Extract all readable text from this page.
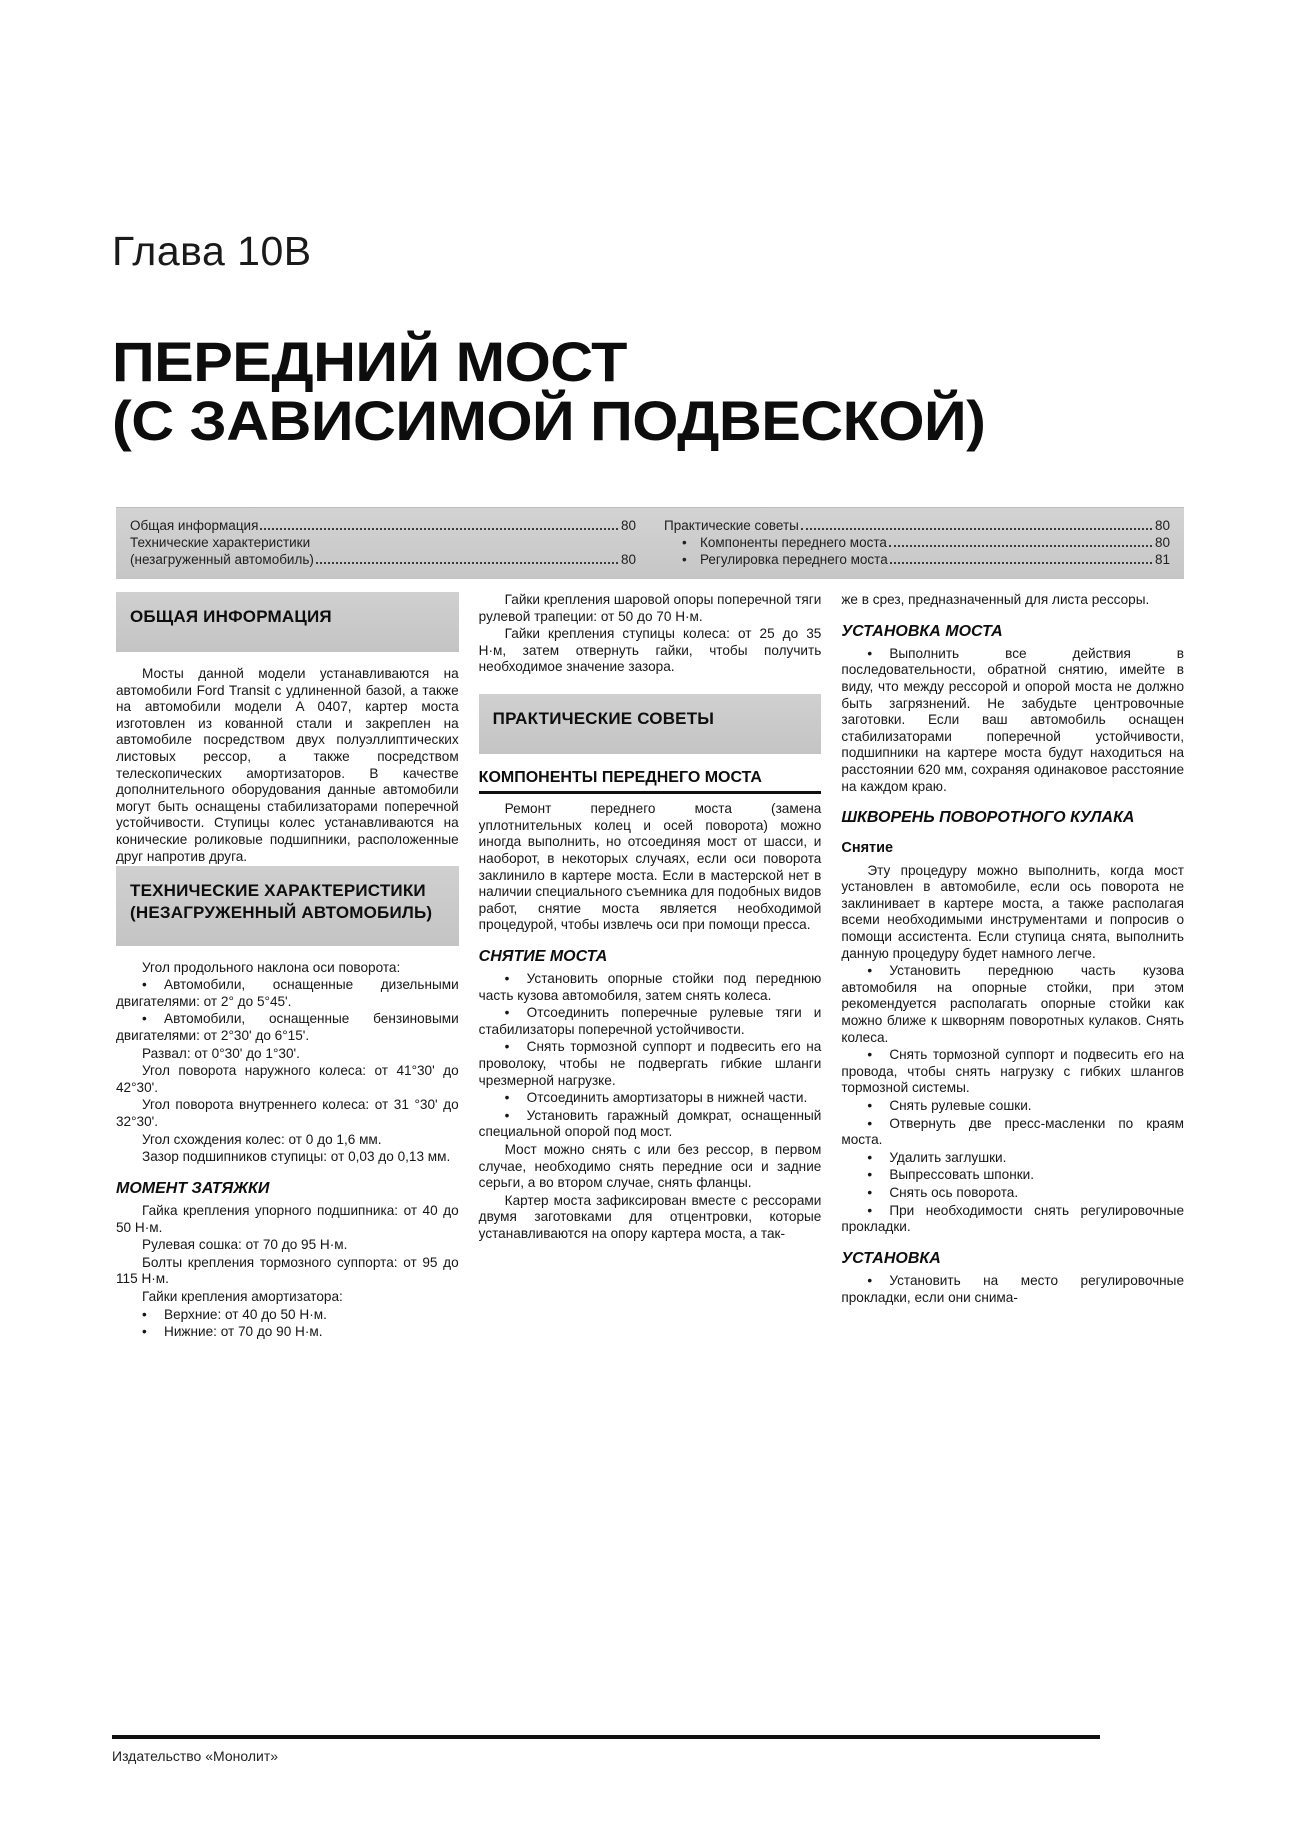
Глава 10B
ПЕРЕДНИЙ МОСТ
(С ЗАВИСИМОЙ ПОДВЕСКОЙ)
Общая информация	80
Технические характеристики
(незагруженный автомобиль)	80
Практические советы	80
• Компоненты переднего моста	80
• Регулировка переднего моста	81
ОБЩАЯ ИНФОРМАЦИЯ

Мосты данной модели устанавливаются на автомобили Ford Transit с удлиненной базой, а также на автомобили модели A 0407, картер моста изготовлен из кованной стали и закреплен на автомобиле посредством двух полуэллиптических листовых рессор, а также посредством телескопических амортизаторов. В качестве дополнительного оборудования данные автомобили могут быть оснащены стабилизаторами поперечной устойчивости. Ступицы колес устанавливаются на конические роликовые подшипники, расположенные друг напротив друга.

ТЕХНИЧЕСКИЕ ХАРАКТЕРИСТИКИ (НЕЗАГРУЖЕННЫЙ АВТОМОБИЛЬ)

Угол продольного наклона оси поворота:

• Автомобили, оснащенные дизельными двигателями: от 2° до 5°45'.
• Автомобили, оснащенные бензиновыми двигателями: от 2°30' до 6°15'.

Развал: от 0°30' до 1°30'.

Угол поворота наружного колеса: от 41°30' до 42°30'.

Угол поворота внутреннего колеса: от 31 °30' до 32°30'.

Угол схождения колес: от 0 до 1,6 мм.

Зазор подшипников ступицы: от 0,03 до 0,13 мм.

МОМЕНТ ЗАТЯЖКИ

Гайка крепления упорного подшипника: от 40 до 50 Н·м.

Рулевая сошка: от 70 до 95 Н·м.

Болты крепления тормозного суппорта: от 95 до 115 Н·м.

Гайки крепления амортизатора:

• Верхние: от 40 до 50 Н·м.
• Нижние: от 70 до 90 Н·м.

Гайки крепления шаровой опоры поперечной тяги рулевой трапеции: от 50 до 70 Н·м.

Гайки крепления ступицы колеса: от 25 до 35 Н·м, затем отвернуть гайки, чтобы получить необходимое значение зазора.

ПРАКТИЧЕСКИЕ СОВЕТЫ
КОМПОНЕНТЫ ПЕРЕДНЕГО МОСТА

Ремонт переднего моста (замена уплотнительных колец и осей поворота) можно иногда выполнить, но отсоединяя мост от шасси, и наоборот, в некоторых случаях, если оси поворота заклинило в картере моста. Если в мастерской нет в наличии специального съемника для подобных видов работ, снятие моста является необходимой процедурой, чтобы извлечь оси при помощи пресса.

СНЯТИЕ МОСТА
• Установить опорные стойки под переднюю часть кузова автомобиля, затем снять колеса.
• Отсоединить поперечные рулевые тяги и стабилизаторы поперечной устойчивости.
• Снять тормозной суппорт и подвесить его на проволоку, чтобы не подвергать гибкие шланги чрезмерной нагрузке.
• Отсоединить амортизаторы в нижней части.
• Установить гаражный домкрат, оснащенный специальной опорой под мост.

Мост можно снять с или без рессор, в первом случае, необходимо снять передние оси и задние серьги, а во втором случае, снять фланцы.

Картер моста зафиксирован вместе с рессорами двумя заготовками для отцентровки, которые устанавливаются на опору картера моста, а так-

же в срез, предназначенный для листа рессоры.

УСТАНОВКА МОСТА
• Выполнить все действия в последовательности, обратной снятию, имейте в виду, что между рессорой и опорой моста не должно быть загрязнений. Не забудьте центровочные заготовки. Если ваш автомобиль оснащен стабилизаторами поперечной устойчивости, подшипники на картере моста будут находиться на расстоянии 620 мм, сохраняя одинаковое расстояние на каждом краю.
ШКВОРЕНЬ ПОВОРОТНОГО КУЛАКА
Снятие

Эту процедуру можно выполнить, когда мост установлен в автомобиле, если ось поворота не заклинивает в картере моста, а также располагая всеми необходимыми инструментами и попросив о помощи ассистента. Если ступица снята, выполнить данную процедуру будет намного легче.

• Установить переднюю часть кузова автомобиля на опорные стойки, при этом рекомендуется располагать опорные стойки как можно ближе к шкворням поворотных кулаков. Снять колеса.
• Снять тормозной суппорт и подвесить его на провода, чтобы снять нагрузку с гибких шлангов тормозной системы.
• Снять рулевые сошки.
• Отвернуть две пресс-масленки по краям моста.
• Удалить заглушки.
• Выпрессовать шпонки.
• Снять ось поворота.
• При необходимости снять регулировочные прокладки.
УСТАНОВКА
• Установить на место регулировочные прокладки, если они снима-
Издательство «Монолит»
